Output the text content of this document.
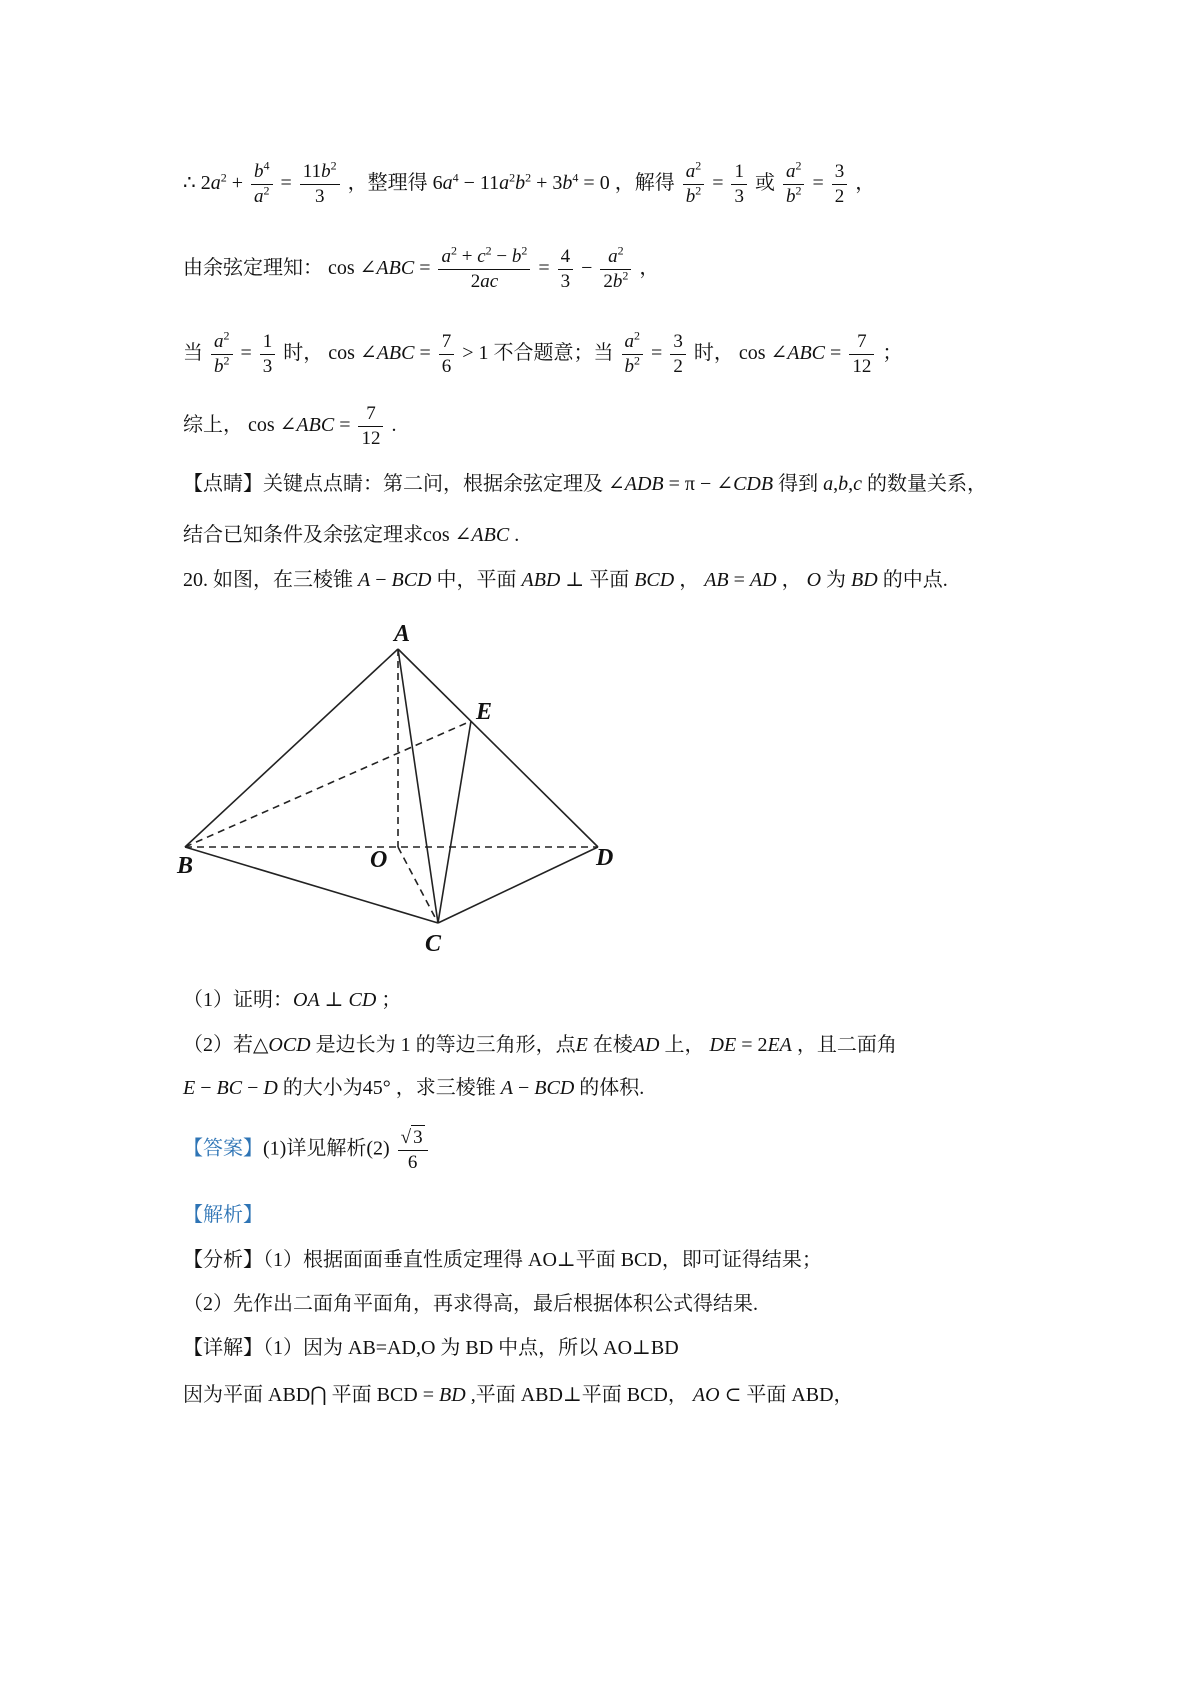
∴ $2a^2 + \frac{b^4}{a^2} = \frac{11b^2}{3}$ ，整理得 $6a^4 - 11a^2b^2 + 3b^4 = 0$ ，解得 $\frac{a^2}{b^2} = \frac{1}{3}$ 或 $\frac{a^2}{b^2} = \frac{3}{2}$ ，
由余弦定理知： cos ∠ABC = $\frac{a^2 + c^2 - b^2}{2ac} = \frac{4}{3} - \frac{a^2}{2b^2}$ ，
当 $\frac{a^2}{b^2} = \frac{1}{3}$ 时， cos ∠ABC = $\frac{7}{6} > 1$ 不合题意；当 $\frac{a^2}{b^2} = \frac{3}{2}$ 时， cos ∠ABC = $\frac{7}{12}$ ；
综上， cos ∠ABC = $\frac{7}{12}$ .
【点睛】关键点点睛：第二问，根据余弦定理及 ∠ADB = π − ∠CDB 得到 a,b,c 的数量关系，
结合已知条件及余弦定理求cos ∠ABC .
20. 如图，在三棱锥 A − BCD 中，平面 ABD ⊥ 平面 BCD ， AB = AD ， O 为 BD 的中点.
A
B
C
D
E
O
（1）证明：OA ⊥ CD ；
（2）若△OCD 是边长为 1 的等边三角形，点E 在棱AD 上， DE = 2EA ，且二面角
E − BC − D 的大小为45° ，求三棱锥 A − BCD 的体积.
【答案】(1)详见解析$(2) \frac{√ 3}{6}$
【解析】
【分析】（1）根据面面垂直性质定理得 AO⊥平面 BCD，即可证得结果；
（2）先作出二面角平面角，再求得高，最后根据体积公式得结果.
【详解】（1）因为 AB=AD,O 为 BD 中点，所以 AO⊥BD
因为平面 ABD⋂ 平面 BCD = BD ,平面 ABD⊥平面 BCD， AO ⊂ 平面 ABD，
